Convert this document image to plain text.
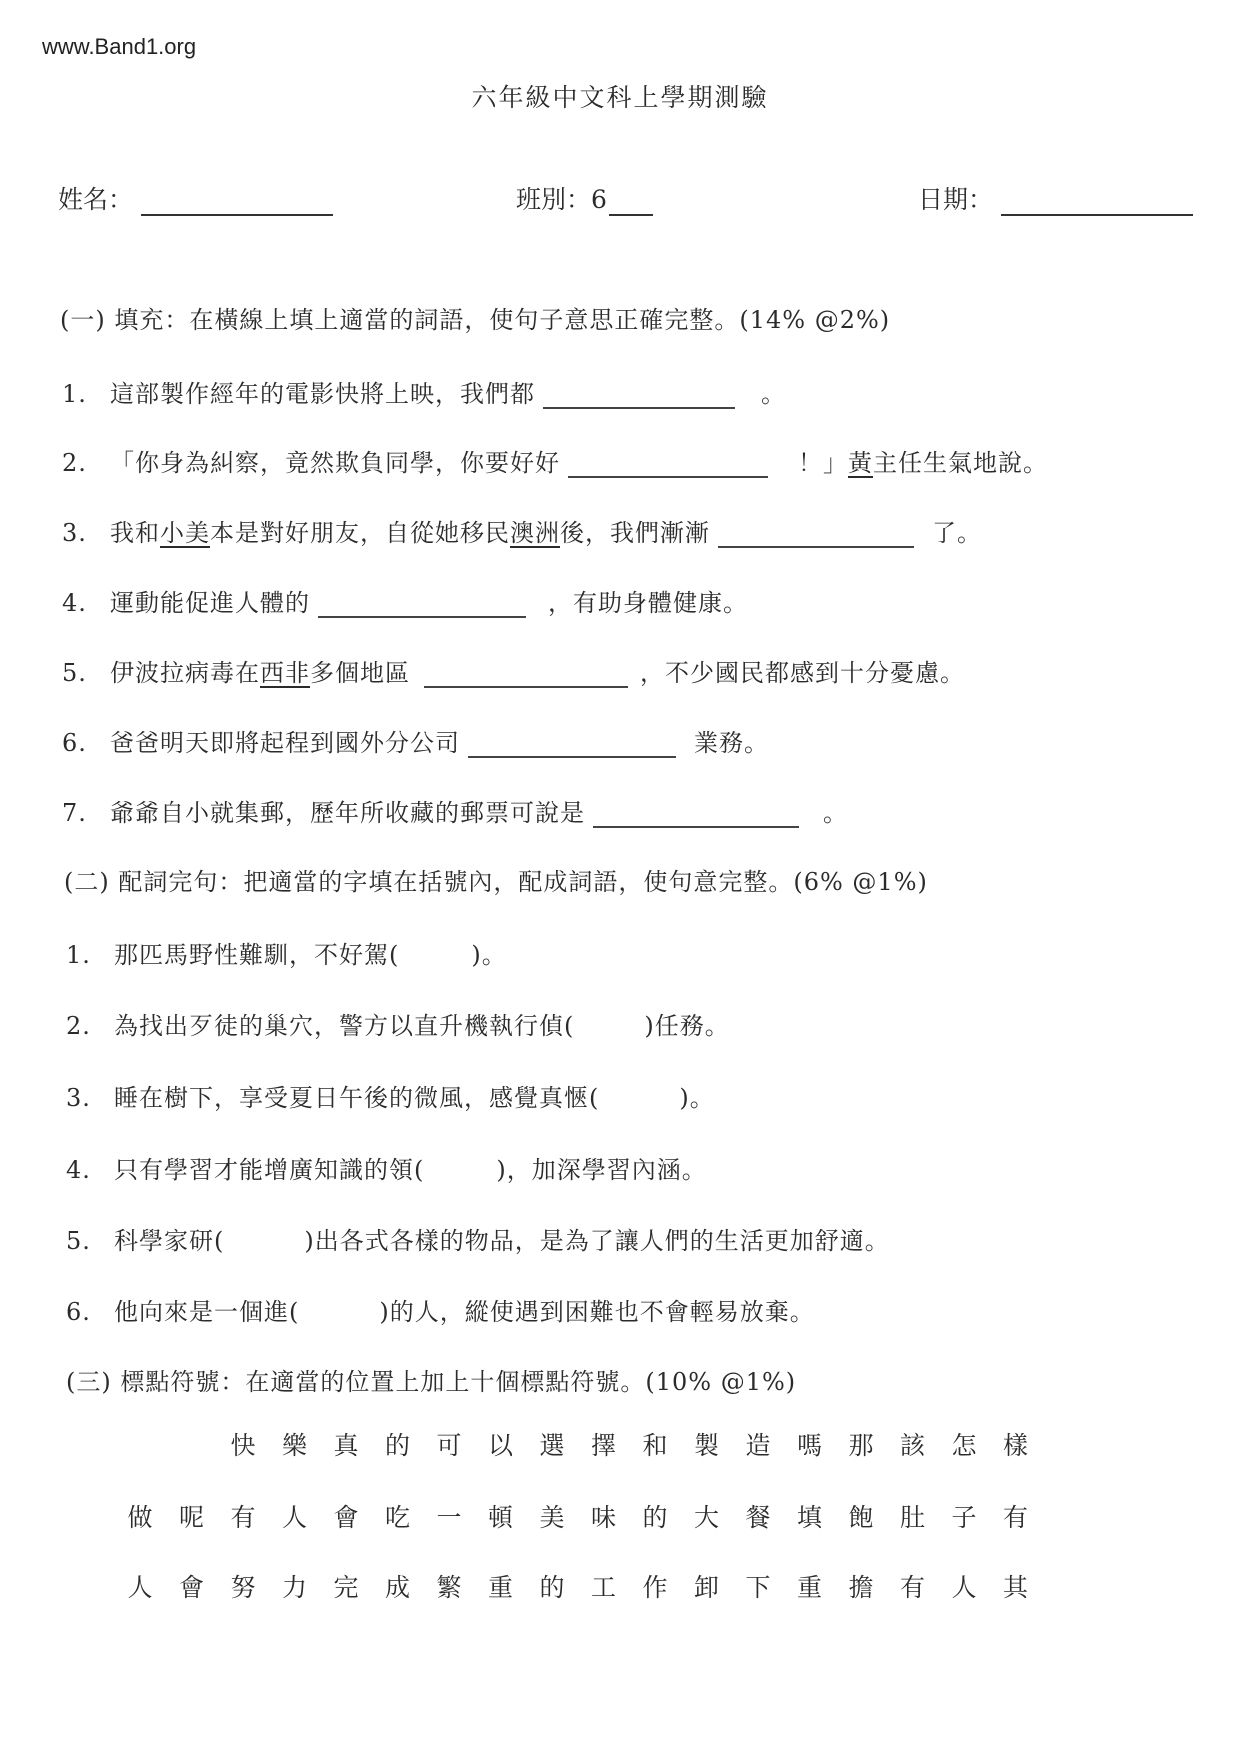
www.Band1.org
六年級中文科上學期測驗
姓名：	班別：6	日期：
(一) 填充：在橫線上填上適當的詞語，使句子意思正確完整。(14% @2%)
1. 這部製作經年的電影快將上映，我們都	。
2. 「你身為糾察，竟然欺負同學，你要好好	！」黃主任生氣地說。
3. 我和小美本是對好朋友，自從她移民澳洲後，我們漸漸	了。
4. 運動能促進人體的	，有助身體健康。
5. 伊波拉病毒在西非多個地區	，不少國民都感到十分憂慮。
6. 爸爸明天即將起程到國外分公司	業務。
7. 爺爺自小就集郵，歷年所收藏的郵票可說是	。
(二) 配詞完句：把適當的字填在括號內，配成詞語，使句意完整。(6% @1%)
1. 那匹馬野性難馴，不好駕(	)。
2. 為找出歹徒的巢穴，警方以直升機執行偵(	)任務。
3. 睡在樹下，享受夏日午後的微風，感覺真愜(	)。
4. 只有學習才能增廣知識的領(	)，加深學習內涵。
5. 科學家研(	)出各式各樣的物品，是為了讓人們的生活更加舒適。
6. 他向來是一個進(	)的人，縱使遇到困難也不會輕易放棄。
(三) 標點符號：在適當的位置上加上十個標點符號。(10% @1%)
快	樂	真	的	可	以	選	擇	和	製	造	嗎	那	該	怎	樣
做	呢	有	人	會	吃	一	頓	美	味	的	大	餐	填	飽	肚	子	有
人	會	努	力	完	成	繁	重	的	工	作	卸	下	重	擔	有	人	其
